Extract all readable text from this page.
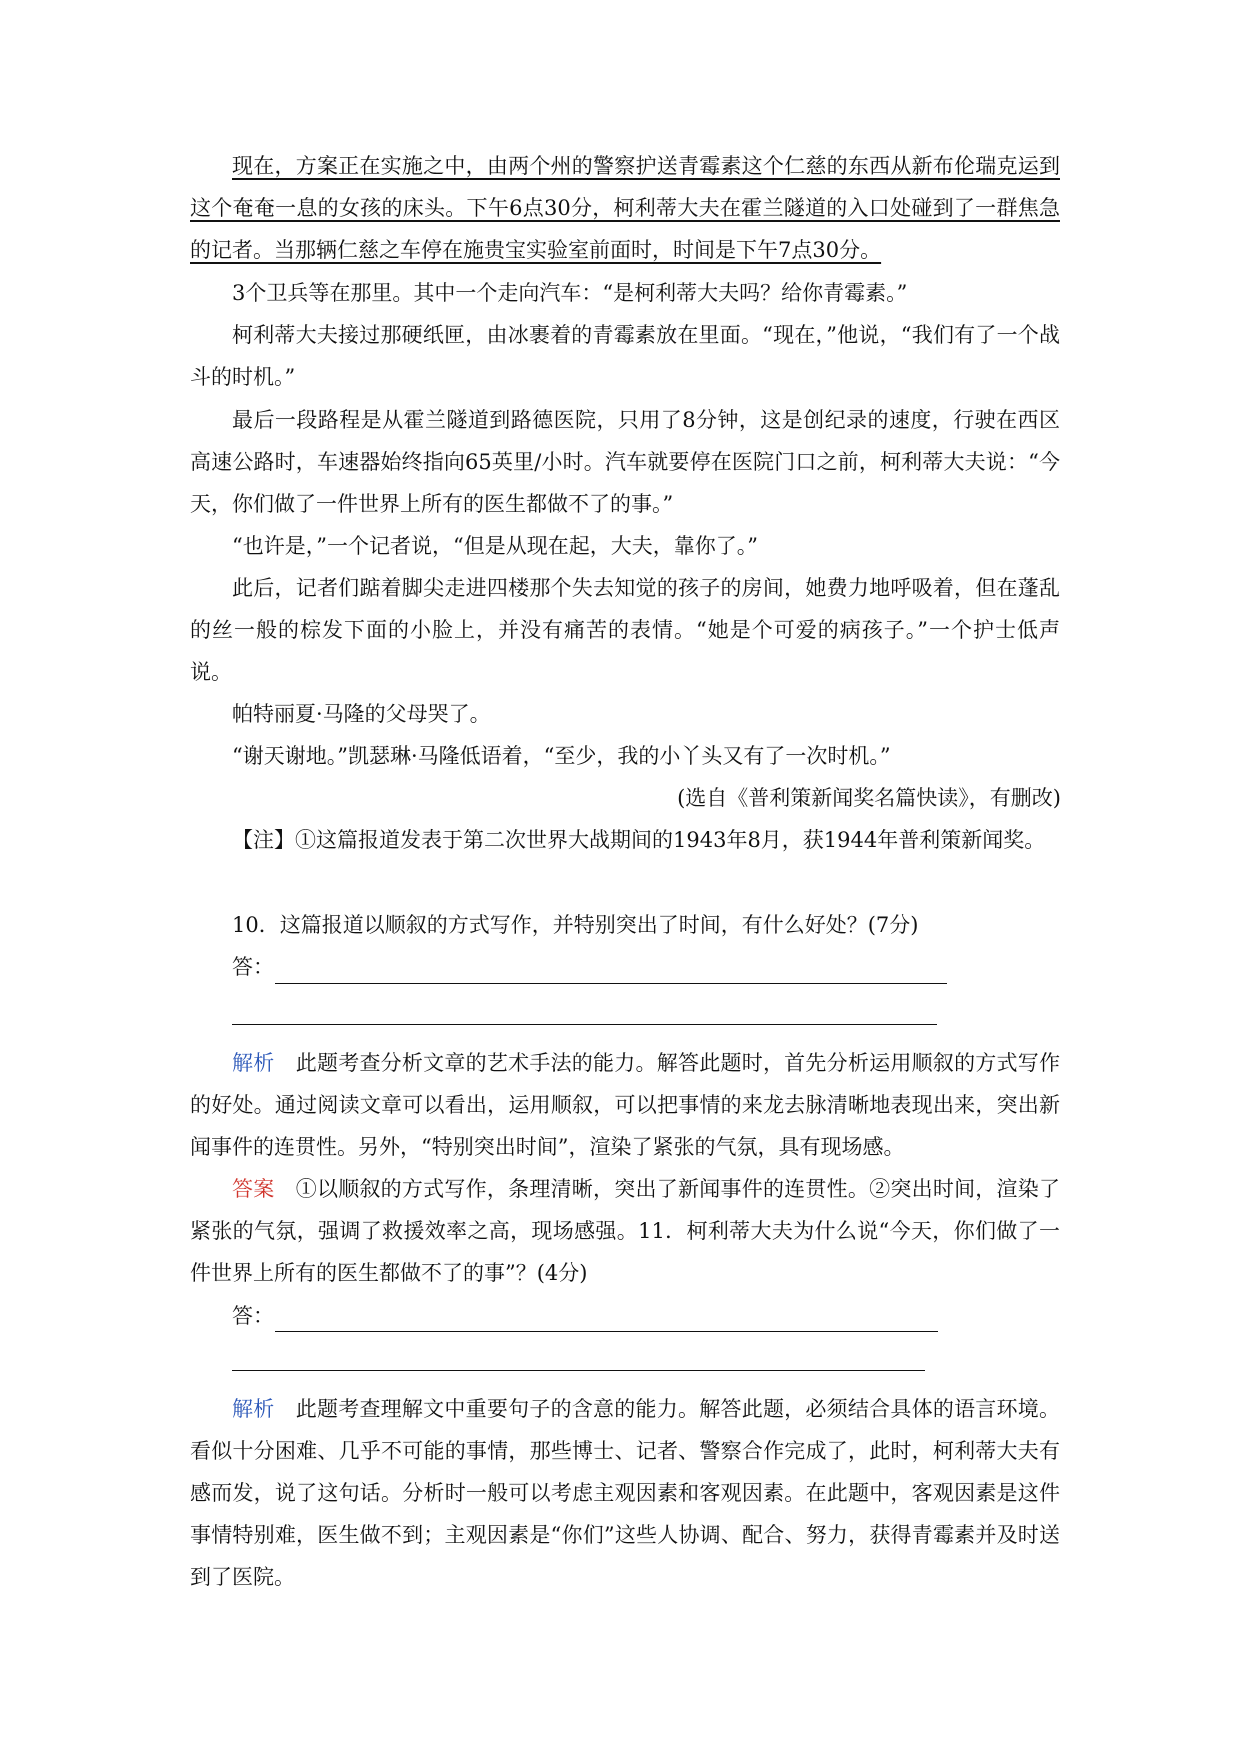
现在，方案正在实施之中，由两个州的警察护送青霉素这个仁慈的东西从新布伦瑞克运到这个奄奄一息的女孩的床头。下午6点30分，柯利蒂大夫在霍兰隧道的入口处碰到了一群焦急的记者。当那辆仁慈之车停在施贵宝实验室前面时，时间是下午7点30分。

3个卫兵等在那里。其中一个走向汽车：“是柯利蒂大夫吗？给你青霉素。”

柯利蒂大夫接过那硬纸匣，由冰裹着的青霉素放在里面。“现在，”他说，“我们有了一个战斗的时机。”

最后一段路程是从霍兰隧道到路德医院，只用了8分钟，这是创纪录的速度，行驶在西区高速公路时，车速器始终指向65英里/小时。汽车就要停在医院门口之前，柯利蒂大夫说：“今天，你们做了一件世界上所有的医生都做不了的事。”

“也许是，”一个记者说，“但是从现在起，大夫，靠你了。”

此后，记者们踮着脚尖走进四楼那个失去知觉的孩子的房间，她费力地呼吸着，但在蓬乱的丝一般的棕发下面的小脸上，并没有痛苦的表情。“她是个可爱的病孩子。”一个护士低声说。

帕特丽夏·马隆的父母哭了。

“谢天谢地。”凯瑟琳·马隆低语着，“至少，我的小丫头又有了一次时机。”

(选自《普利策新闻奖名篇快读》，有删改)

【注】①这篇报道发表于第二次世界大战期间的1943年8月，获1944年普利策新闻奖。

10．这篇报道以顺叙的方式写作，并特别突出了时间，有什么好处？(7分)

答：

解析　 此题考查分析文章的艺术手法的能力。解答此题时，首先分析运用顺叙的方式写作的好处。通过阅读文章可以看出，运用顺叙，可以把事情的来龙去脉清晰地表现出来，突出新闻事件的连贯性。另外，“特别突出时间”，渲染了紧张的气氛，具有现场感。

答案　 ①以顺叙的方式写作，条理清晰，突出了新闻事件的连贯性。②突出时间，渲染了紧张的气氛，强调了救援效率之高，现场感强。11．柯利蒂大夫为什么说“今天，你们做了一件世界上所有的医生都做不了的事”？(4分)

答：

解析　 此题考查理解文中重要句子的含意的能力。解答此题，必须结合具体的语言环境。看似十分困难、几乎不可能的事情，那些博士、记者、警察合作完成了，此时，柯利蒂大夫有感而发，说了这句话。分析时一般可以考虑主观因素和客观因素。在此题中，客观因素是这件事情特别难，医生做不到；主观因素是“你们”这些人协调、配合、努力，获得青霉素并及时送到了医院。
